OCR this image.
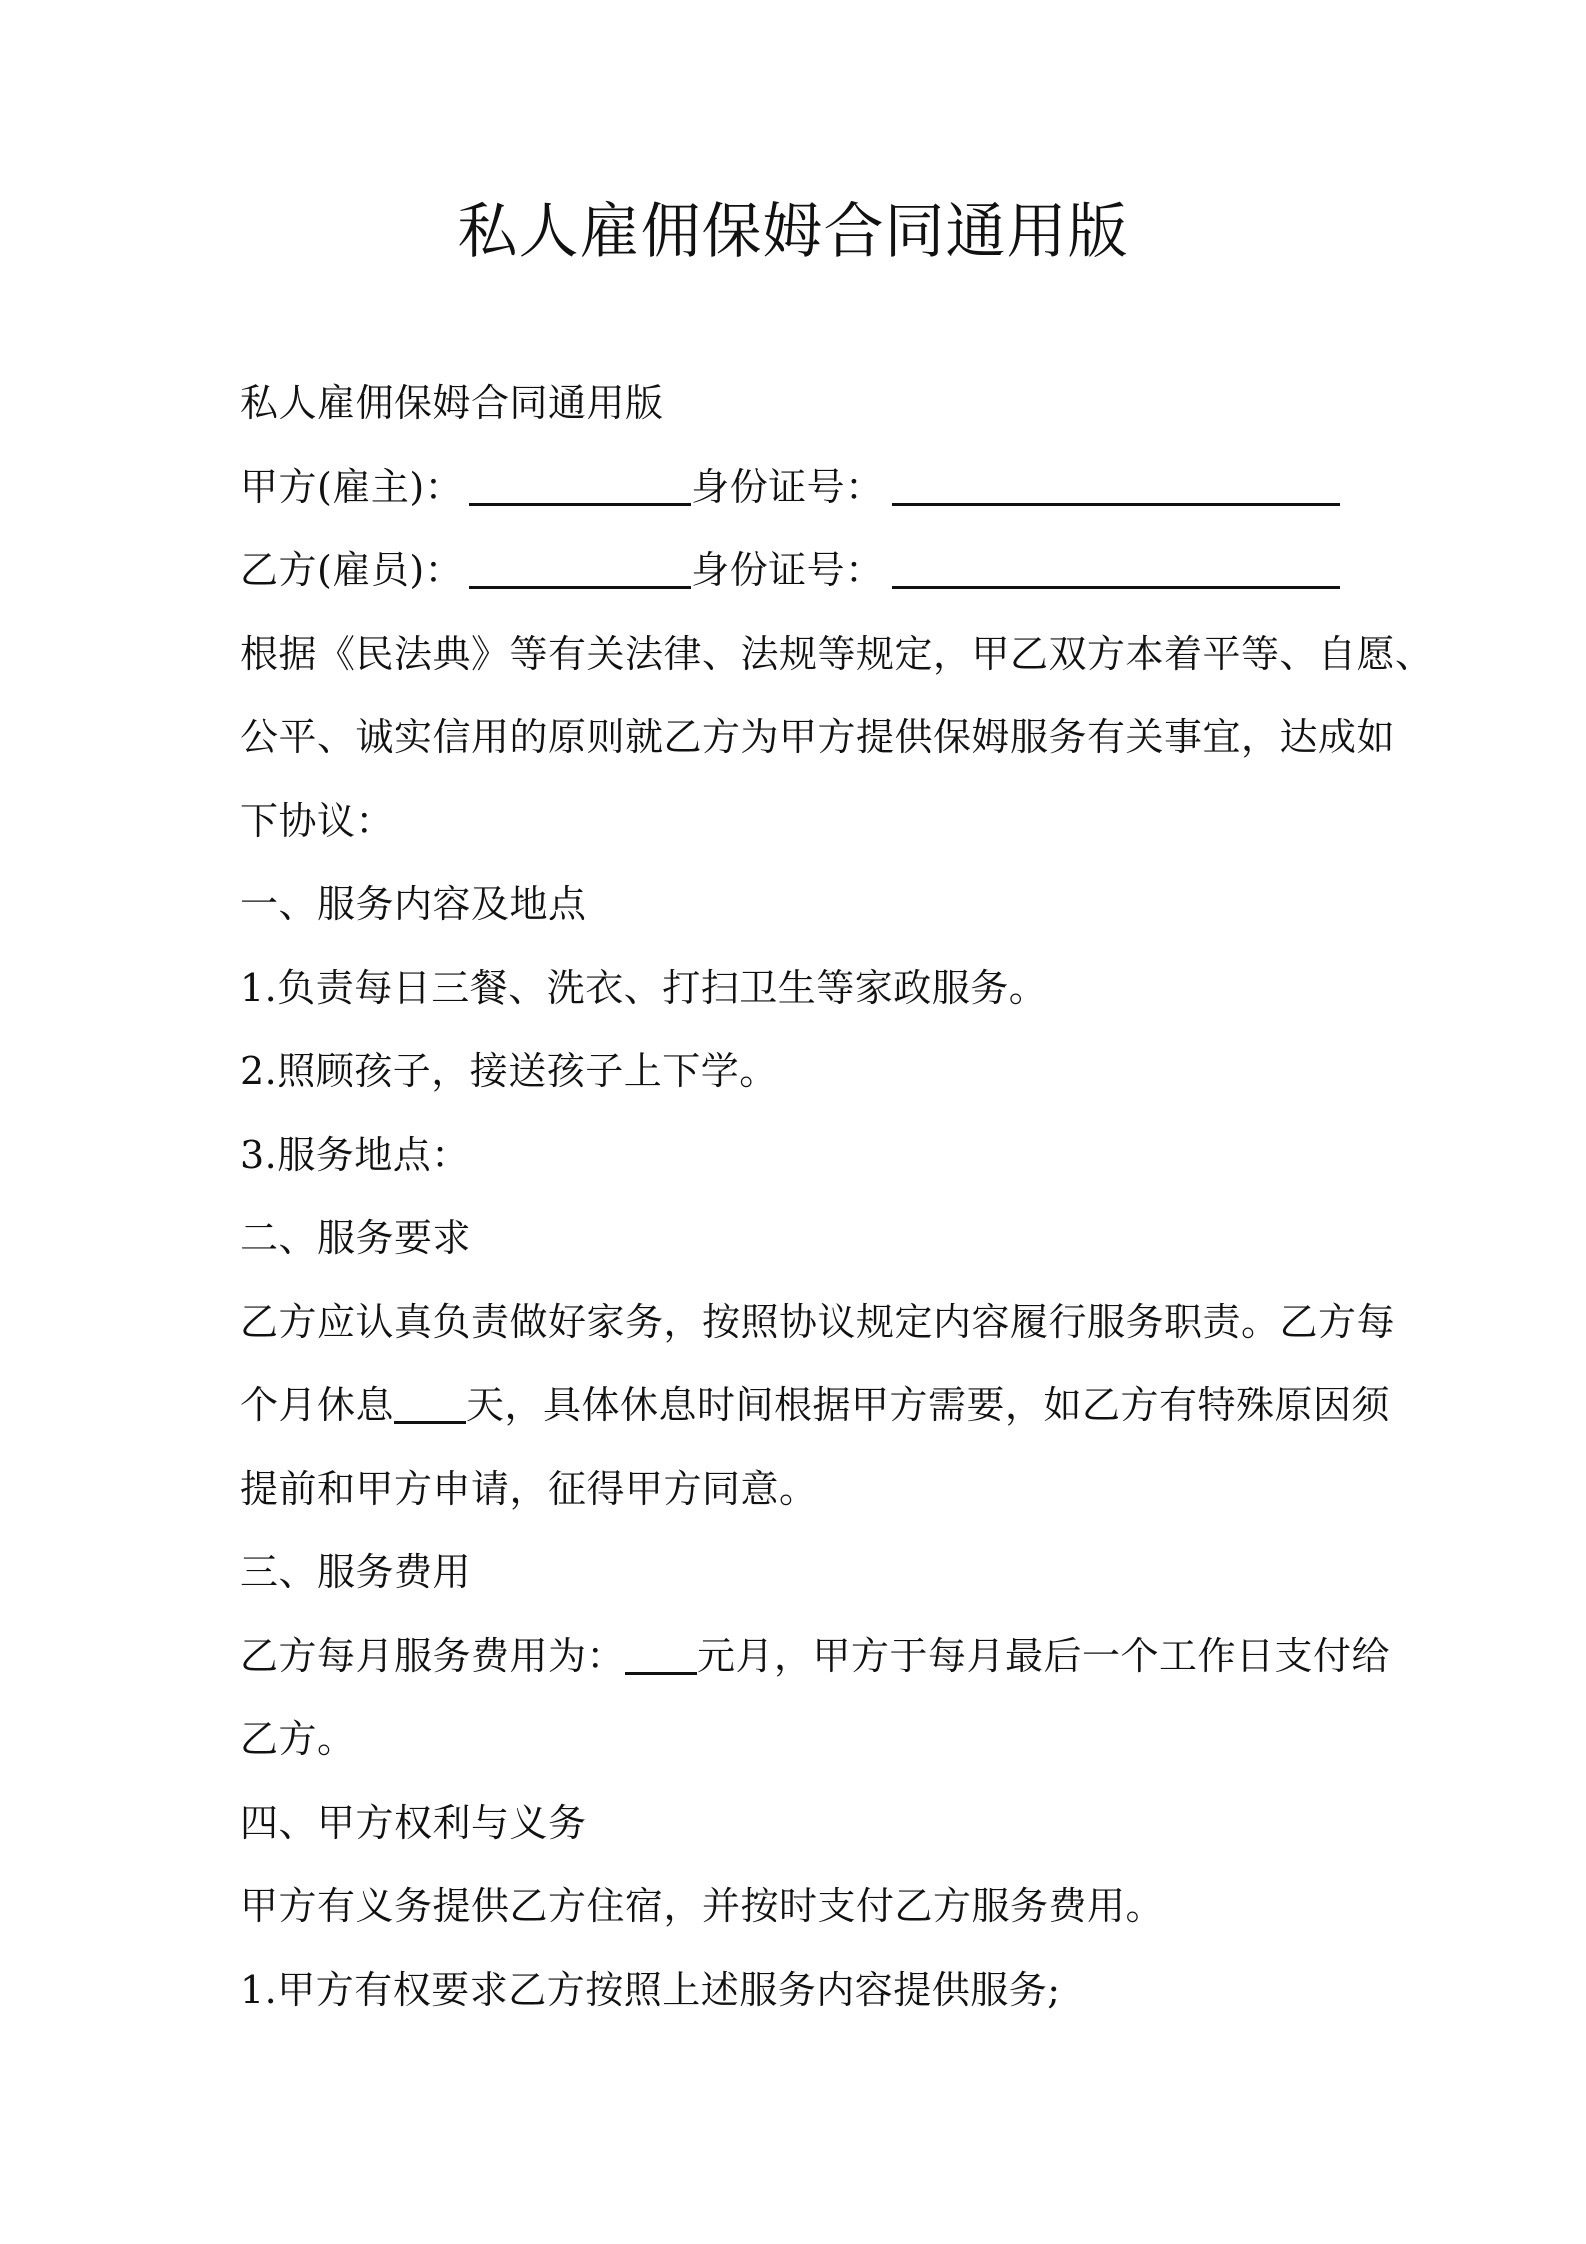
私人雇佣保姆合同通用版
私人雇佣保姆合同通用版
甲方(雇主)：	身份证号：
乙方(雇员)：	身份证号：
根据《民法典》等有关法律、法规等规定，甲乙双方本着平等、自愿、
公平、诚实信用的原则就乙方为甲方提供保姆服务有关事宜，达成如
下协议：
一、服务内容及地点
1.负责每日三餐、洗衣、打扫卫生等家政服务。
2.照顾孩子，接送孩子上下学。
3.服务地点：
二、服务要求
乙方应认真负责做好家务，按照协议规定内容履行服务职责。乙方每
个月休息 天，具体休息时间根据甲方需要，如乙方有特殊原因须
提前和甲方申请，征得甲方同意。
三、服务费用
乙方每月服务费用为： 元月，甲方于每月最后一个工作日支付给
乙方。
四、甲方权利与义务
甲方有义务提供乙方住宿，并按时支付乙方服务费用。
1.甲方有权要求乙方按照上述服务内容提供服务;
